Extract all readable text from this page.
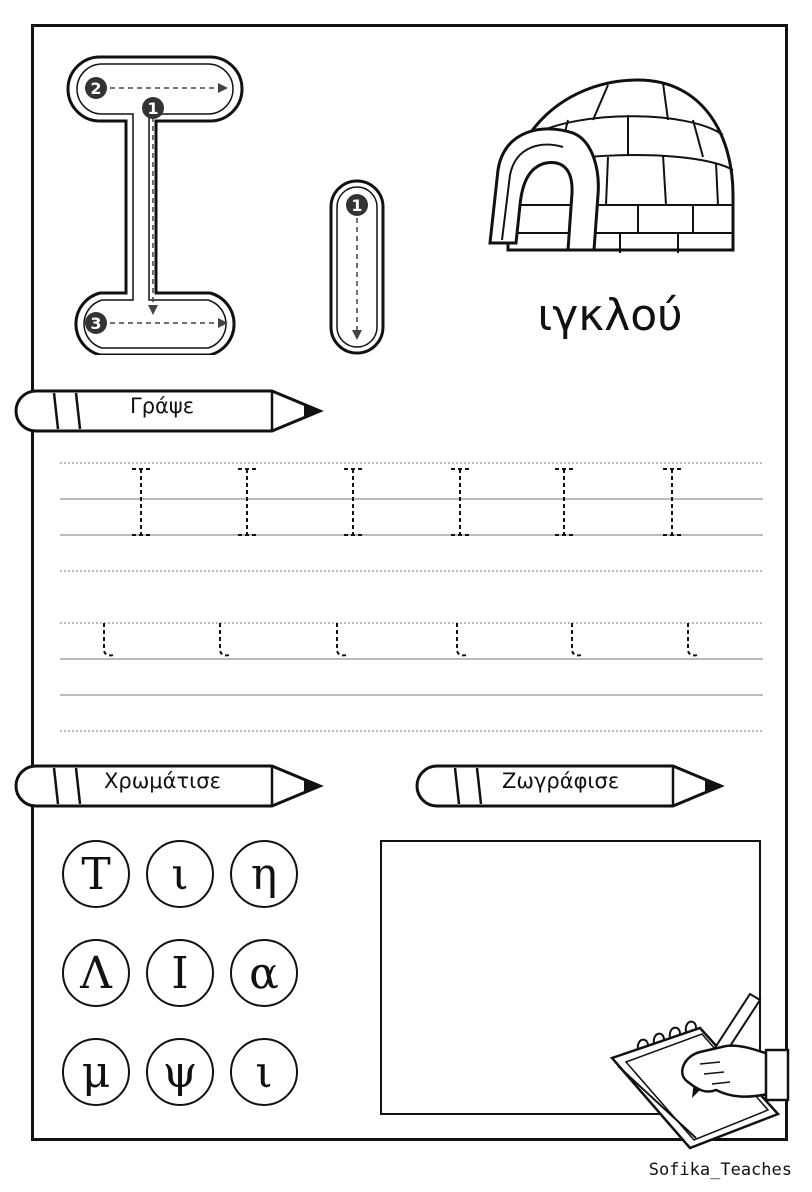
2
1
3
1
ιγκλού
Γράψε
Χρωμάτισε	Ζωγράφισε
Τ	ι	η
Λ	Ι	α
μ	ψ	ι
Sofika_Teaches
